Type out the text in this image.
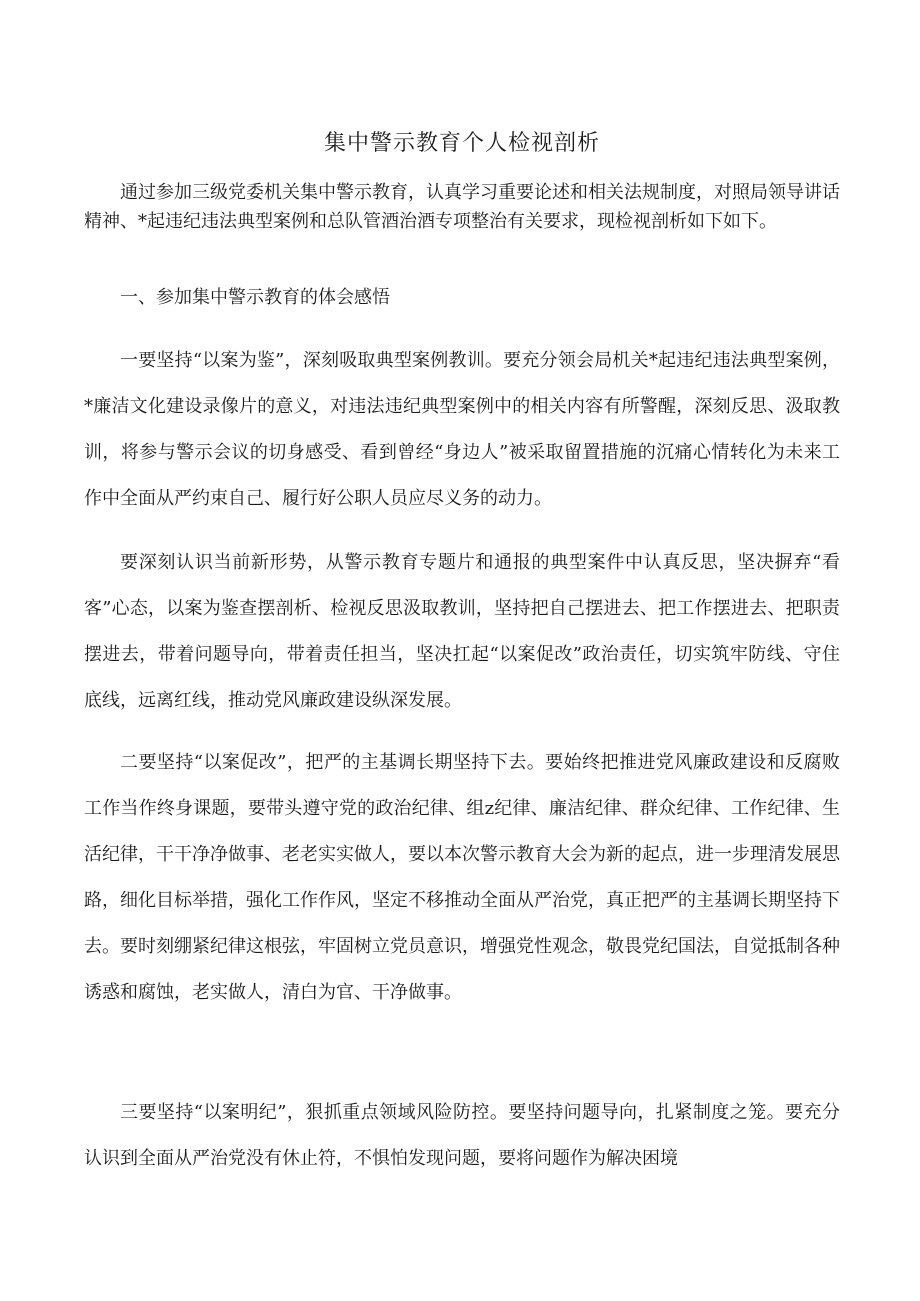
集中警示教育个人检视剖析

通过参加三级党委机关集中警示教育，认真学习重要论述和相关法规制度，对照局领导讲话精神、*起违纪违法典型案例和总队管酒治酒专项整治有关要求，现检视剖析如下如下。

一、参加集中警示教育的体会感悟

一要坚持“以案为鉴”，深刻吸取典型案例教训。要充分领会局机关*起违纪违法典型案例，*廉洁文化建设录像片的意义，对违法违纪典型案例中的相关内容有所警醒，深刻反思、汲取教训，将参与警示会议的切身感受、看到曾经“身边人”被采取留置措施的沉痛心情转化为未来工作中全面从严约束自己、履行好公职人员应尽义务的动力。

要深刻认识当前新形势，从警示教育专题片和通报的典型案件中认真反思，坚决摒弃“看客”心态，以案为鉴查摆剖析、检视反思汲取教训，坚持把自己摆进去、把工作摆进去、把职责摆进去，带着问题导向，带着责任担当，坚决扛起“以案促改”政治责任，切实筑牢防线、守住底线，远离红线，推动党风廉政建设纵深发展。

二要坚持“以案促改”，把严的主基调长期坚持下去。要始终把推进党风廉政建设和反腐败工作当作终身课题，要带头遵守党的政治纪律、组z纪律、廉洁纪律、群众纪律、工作纪律、生活纪律，干干净净做事、老老实实做人，要以本次警示教育大会为新的起点，进一步理清发展思路，细化目标举措，强化工作作风，坚定不移推动全面从严治党，真正把严的主基调长期坚持下去。要时刻绷紧纪律这根弦，牢固树立党员意识，增强党性观念，敬畏党纪国法，自觉抵制各种诱惑和腐蚀，老实做人，清白为官、干净做事。

三要坚持“以案明纪”，狠抓重点领域风险防控。要坚持问题导向，扎紧制度之笼。要充分认识到全面从严治党没有休止符，不惧怕发现问题，要将问题作为解决困境
